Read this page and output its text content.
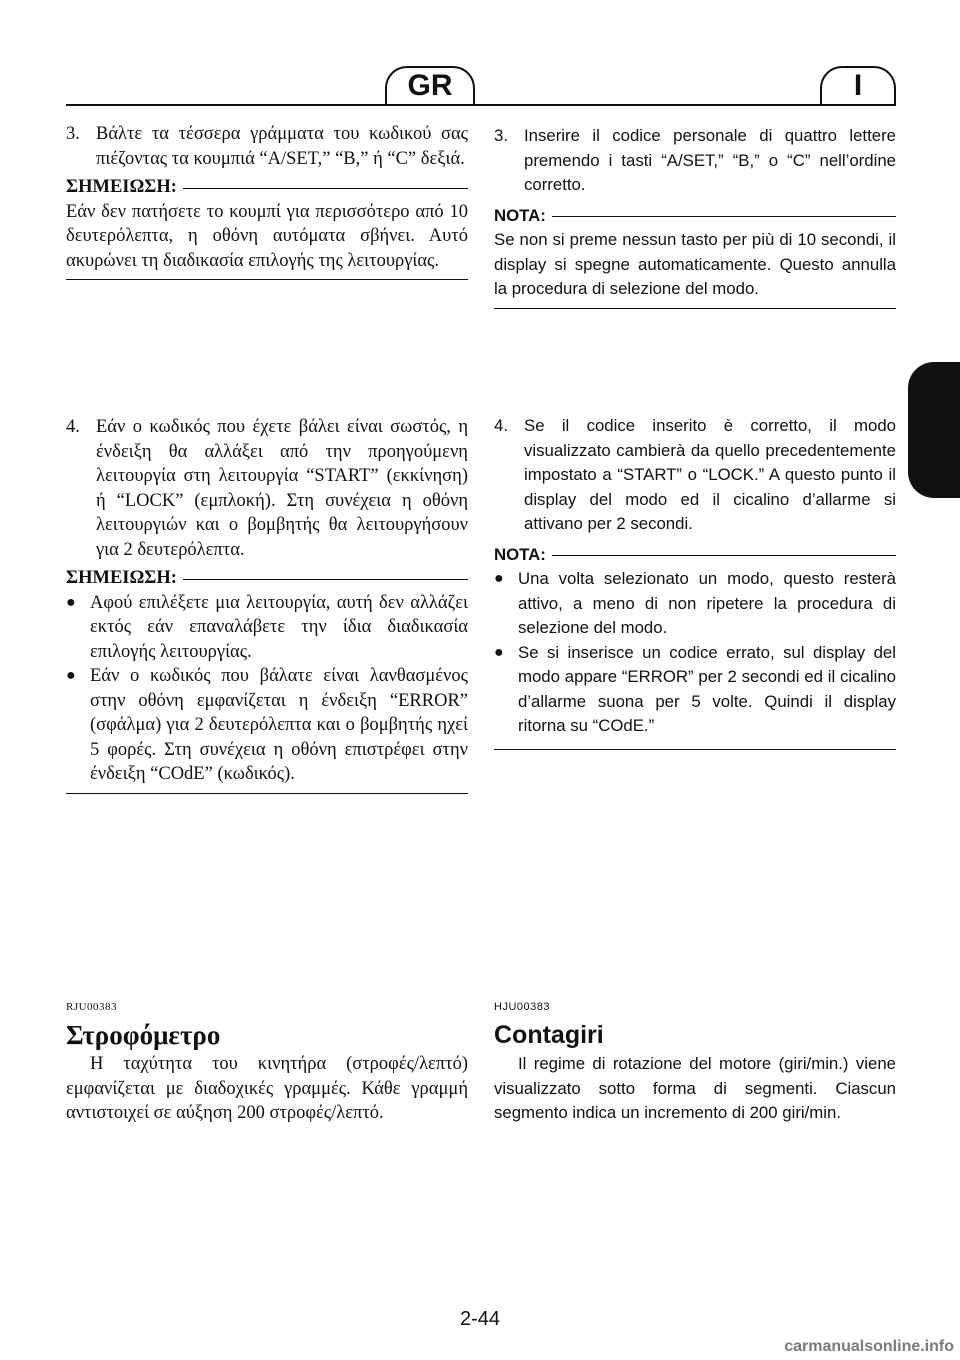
GR	I
3. Βάλτε τα τέσσερα γράμματα του κωδικού σας πιέζοντας τα κουμπιά “A/SET,” “B,” ή “C” δεξιά.
ΣΗΜΕΙΩΣΗ:
Εάν δεν πατήσετε το κουμπί για περισσότερο από 10 δευτερόλεπτα, η οθόνη αυτόματα σβήνει. Αυτό ακυρώνει τη διαδικασία επιλογής της λειτουργίας.
3. Inserire il codice personale di quattro lettere premendo i tasti “A/SET,” “B,” o “C” nell’ordine corretto.
NOTA:
Se non si preme nessun tasto per più di 10 secondi, il display si spegne automaticamente. Questo annulla la procedura di selezione del modo.
4. Εάν ο κωδικός που έχετε βάλει είναι σωστός, η ένδειξη θα αλλάξει από την προηγούμενη λειτουργία στη λειτουργία “START” (εκκίνηση) ή “LOCK” (εμπλοκή). Στη συνέχεια η οθόνη λειτουργιών και ο βομβητής θα λειτουργήσουν για 2 δευτερόλεπτα.
ΣΗΜΕΙΩΣΗ:
● Αφού επιλέξετε μια λειτουργία, αυτή δεν αλλάζει εκτός εάν επαναλάβετε την ίδια διαδικασία επιλογής λειτουργίας.
● Εάν ο κωδικός που βάλατε είναι λανθασμένος στην οθόνη εμφανίζεται η ένδειξη “ERROR” (σφάλμα) για 2 δευτερόλεπτα και ο βομβητής ηχεί 5 φορές. Στη συνέχεια η οθόνη επιστρέφει στην ένδειξη “COdE” (κωδικός).
4. Se il codice inserito è corretto, il modo visualizzato cambierà da quello precedentemente impostato a “START” o “LOCK.” A questo punto il display del modo ed il cicalino d’allarme si attivano per 2 secondi.
NOTA:
● Una volta selezionato un modo, questo resterà attivo, a meno di non ripetere la procedura di selezione del modo.
● Se si inserisce un codice errato, sul display del modo appare “ERROR” per 2 secondi ed il cicalino d’allarme suona per 5 volte. Quindi il display ritorna su “COdE.”
RJU00383
Στροφόμετρο
Η ταχύτητα του κινητήρα (στροφές/λεπτό) εμφανίζεται με διαδοχικές γραμμές. Κάθε γραμμή αντιστοιχεί σε αύξηση 200 στροφές/λεπτό.
HJU00383
Contagiri
Il regime di rotazione del motore (giri/min.) viene visualizzato sotto forma di segmenti. Ciascun segmento indica un incremento di 200 giri/min.
2-44
carmanualsonline.info
